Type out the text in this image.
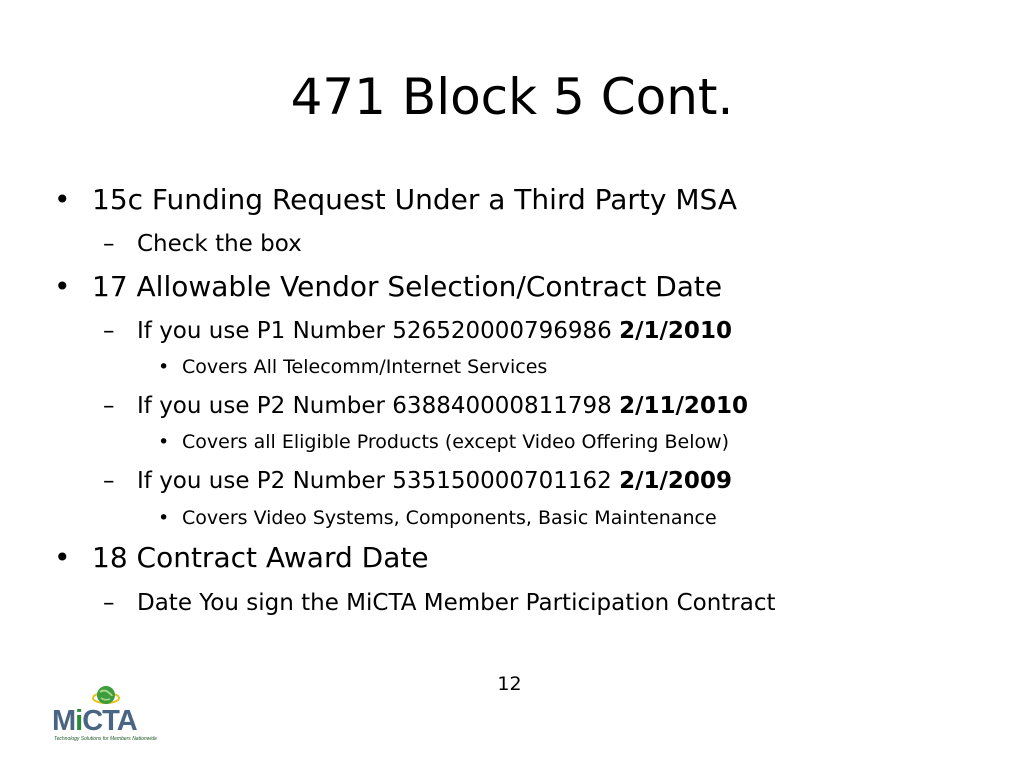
471 Block 5 Cont.
• 15c Funding Request Under a Third Party MSA
– Check the box
• 17 Allowable Vendor Selection/Contract Date
– If you use P1 Number 526520000796986 2/1/2010
• Covers All Telecomm/Internet Services
– If you use P2 Number 638840000811798 2/11/2010
• Covers all Eligible Products (except Video Offering Below)
– If you use P2 Number 535150000701162 2/1/2009
• Covers Video Systems, Components, Basic Maintenance
• 18 Contract Award Date
– Date You sign the MiCTA Member Participation Contract
12
MiCTA
Technology Solutions for Members Nationwide
